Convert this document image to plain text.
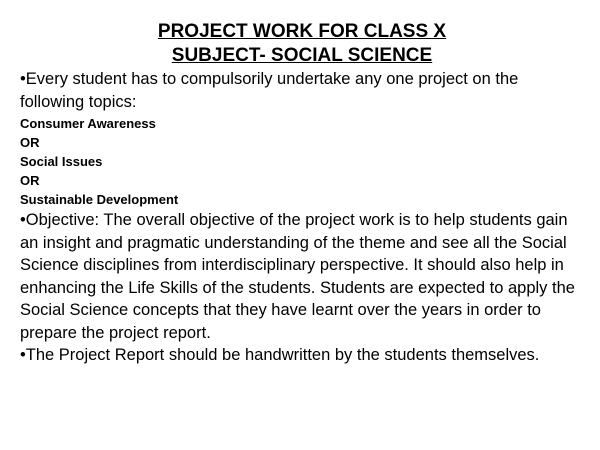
PROJECT WORK FOR CLASS X

SUBJECT- SOCIAL SCIENCE

•Every student has to compulsorily undertake any one project on the following topics:

Consumer Awareness

OR

Social Issues

OR

Sustainable Development

•Objective: The overall objective of the project work is to help students gain an insight and pragmatic understanding of the theme and see all the Social Science disciplines from interdisciplinary perspective. It should also help in enhancing the Life Skills of the students. Students are expected to apply the Social Science concepts that they have learnt over the years in order to prepare the project report.

•The Project Report should be handwritten by the students themselves.
